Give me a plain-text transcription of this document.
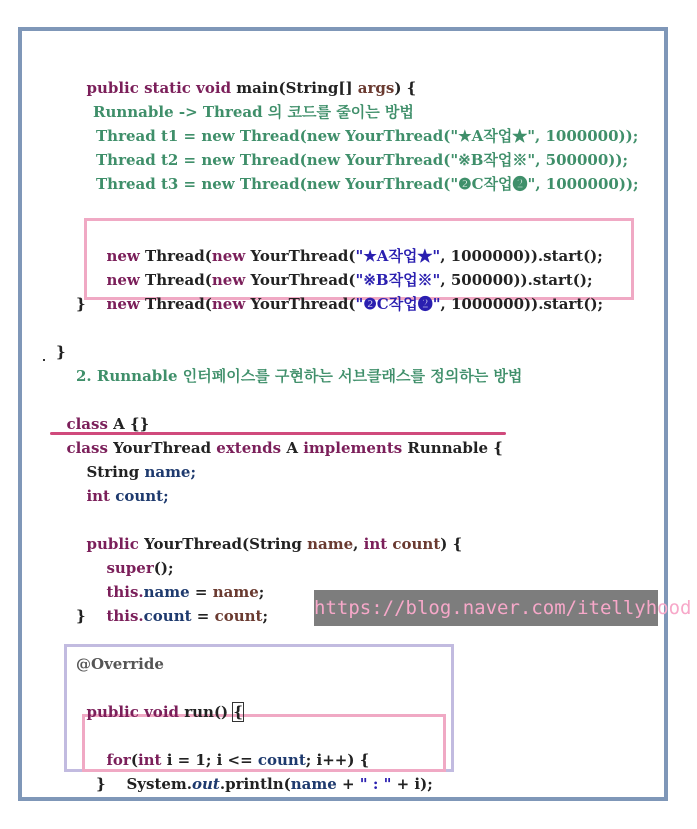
public static void main(String[] args) {

Runnable -> Thread 의 코드를 줄이는 방법
Thread t1 = new Thread(new YourThread("★A작업★", 1000000));
Thread t2 = new Thread(new YourThread("※B작업※", 500000));
Thread t3 = new Thread(new YourThread("❷C작업❷", 1000000));

new Thread(new YourThread("★A작업★", 1000000)).start();

new Thread(new YourThread("※B작업※", 500000)).start();

new Thread(new YourThread("❷C작업❷", 1000000)).start();

}
}
2. Runnable 인터페이스를 구현하는 서브클래스를 정의하는 방법

class A {}

class YourThread extends A implements Runnable {

String name;

int count;

public YourThread(String name, int count) {

super();

this.name = name;

this.count = count;

}	https://blog.naver.com/itellyhood
@Override

public void run() {

for(int i = 1; i <= count; i++) {

System.out.println(name + " : " + i);

}
